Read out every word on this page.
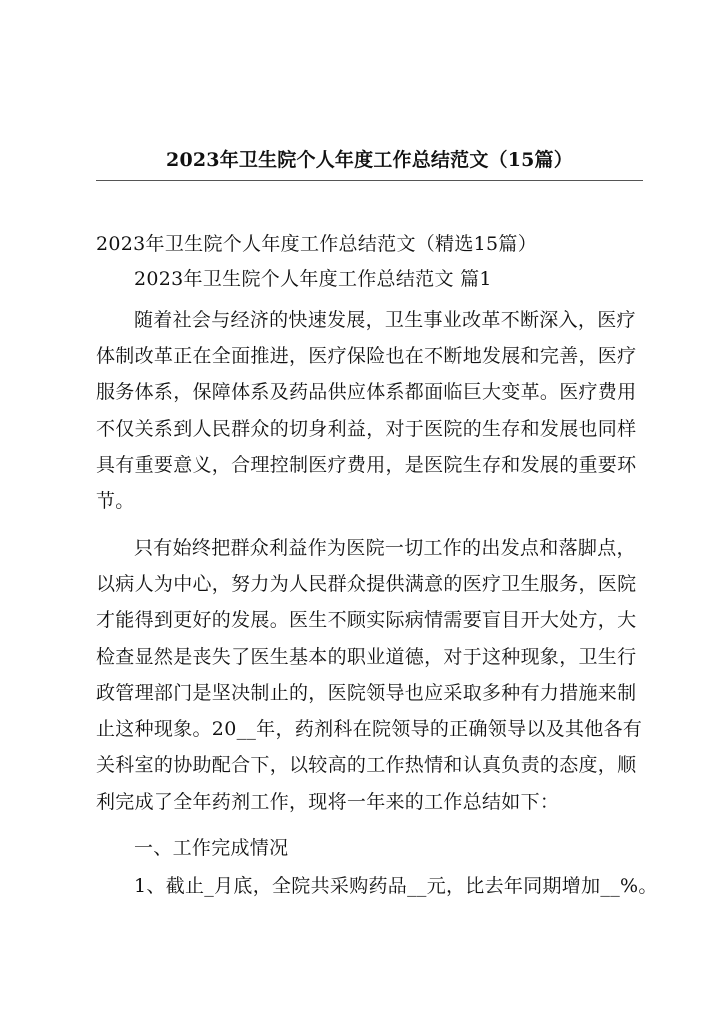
2023年卫生院个人年度工作总结范文（15篇）
2023年卫生院个人年度工作总结范文（精选15篇）
2023年卫生院个人年度工作总结范文 篇1
随着社会与经济的快速发展，卫生事业改革不断深入，医疗
体制改革正在全面推进，医疗保险也在不断地发展和完善，医疗
服务体系，保障体系及药品供应体系都面临巨大变革。医疗费用
不仅关系到人民群众的切身利益，对于医院的生存和发展也同样
具有重要意义，合理控制医疗费用，是医院生存和发展的重要环
节。
只有始终把群众利益作为医院一切工作的出发点和落脚点，
以病人为中心，努力为人民群众提供满意的医疗卫生服务，医院
才能得到更好的发展。医生不顾实际病情需要盲目开大处方，大
检查显然是丧失了医生基本的职业道德，对于这种现象，卫生行
政管理部门是坚决制止的，医院领导也应采取多种有力措施来制
止这种现象。20__年，药剂科在院领导的正确领导以及其他各有
关科室的协助配合下，以较高的工作热情和认真负责的态度，顺
利完成了全年药剂工作，现将一年来的工作总结如下：
一、工作完成情况
1、截止_月底，全院共采购药品__元，比去年同期增加__%。
